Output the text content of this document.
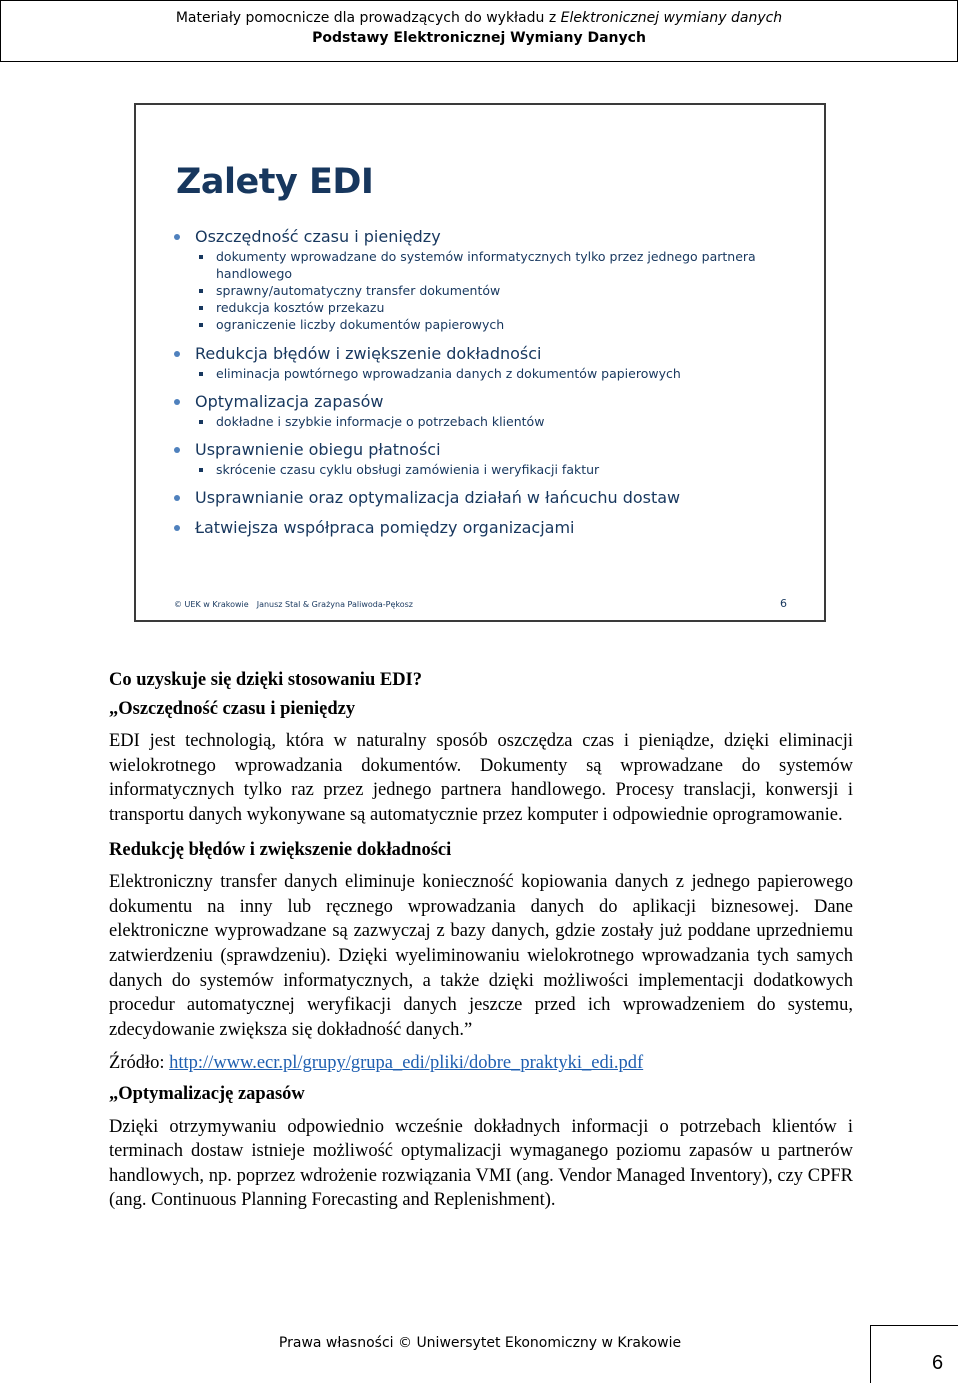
Materiały pomocnicze dla prowadzących do wykładu z Elektronicznej wymiany danych
Podstawy Elektronicznej Wymiany Danych
Zalety EDI
Oszczędność czasu i pieniędzy
dokumenty wprowadzane do systemów informatycznych tylko przez jednego partnera handlowego
sprawny/automatyczny transfer dokumentów
redukcja kosztów przekazu
ograniczenie liczby dokumentów papierowych
Redukcja błędów i zwiększenie dokładności
eliminacja powtórnego wprowadzania danych z dokumentów papierowych
Optymalizacja zapasów
dokładne i szybkie informacje o potrzebach klientów
Usprawnienie obiegu płatności
skrócenie czasu cyklu obsługi zamówienia i weryfikacji faktur
Usprawnianie oraz optymalizacja działań w łańcuchu dostaw
Łatwiejsza współpraca pomiędzy organizacjami
© UEK w Krakowie Janusz Stal & Grażyna Paliwoda-Pękosz	6

Co uzyskuje się dzięki stosowaniu EDI?

„Oszczędność czasu i pieniędzy

EDI jest technologią, która w naturalny sposób oszczędza czas i pieniądze, dzięki eliminacji wielokrotnego wprowadzania dokumentów. Dokumenty są wprowadzane do systemów informatycznych tylko raz przez jednego partnera handlowego. Procesy translacji, konwersji i transportu danych wykonywane są automatycznie przez komputer i odpowiednie oprogramowanie.

Redukcję błędów i zwiększenie dokładności

Elektroniczny transfer danych eliminuje konieczność kopiowania danych z jednego papierowego dokumentu na inny lub ręcznego wprowadzania danych do aplikacji biznesowej. Dane elektroniczne wyprowadzane są zazwyczaj z bazy danych, gdzie zostały już poddane uprzedniemu zatwierdzeniu (sprawdzeniu). Dzięki wyeliminowaniu wielokrotnego wprowadzania tych samych danych do systemów informatycznych, a także dzięki możliwości implementacji dodatkowych procedur automatycznej weryfikacji danych jeszcze przed ich wprowadzeniem do systemu, zdecydowanie zwiększa się dokładność danych.”

Źródło: http://www.ecr.pl/grupy/grupa_edi/pliki/dobre_praktyki_edi.pdf

„Optymalizację zapasów

Dzięki otrzymywaniu odpowiednio wcześnie dokładnych informacji o potrzebach klientów i terminach dostaw istnieje możliwość optymalizacji wymaganego poziomu zapasów u partnerów handlowych, np. poprzez wdrożenie rozwiązania VMI (ang. Vendor Managed Inventory), czy CPFR (ang. Continuous Planning Forecasting and Replenishment).

Prawa własności © Uniwersytet Ekonomiczny w Krakowie
6
